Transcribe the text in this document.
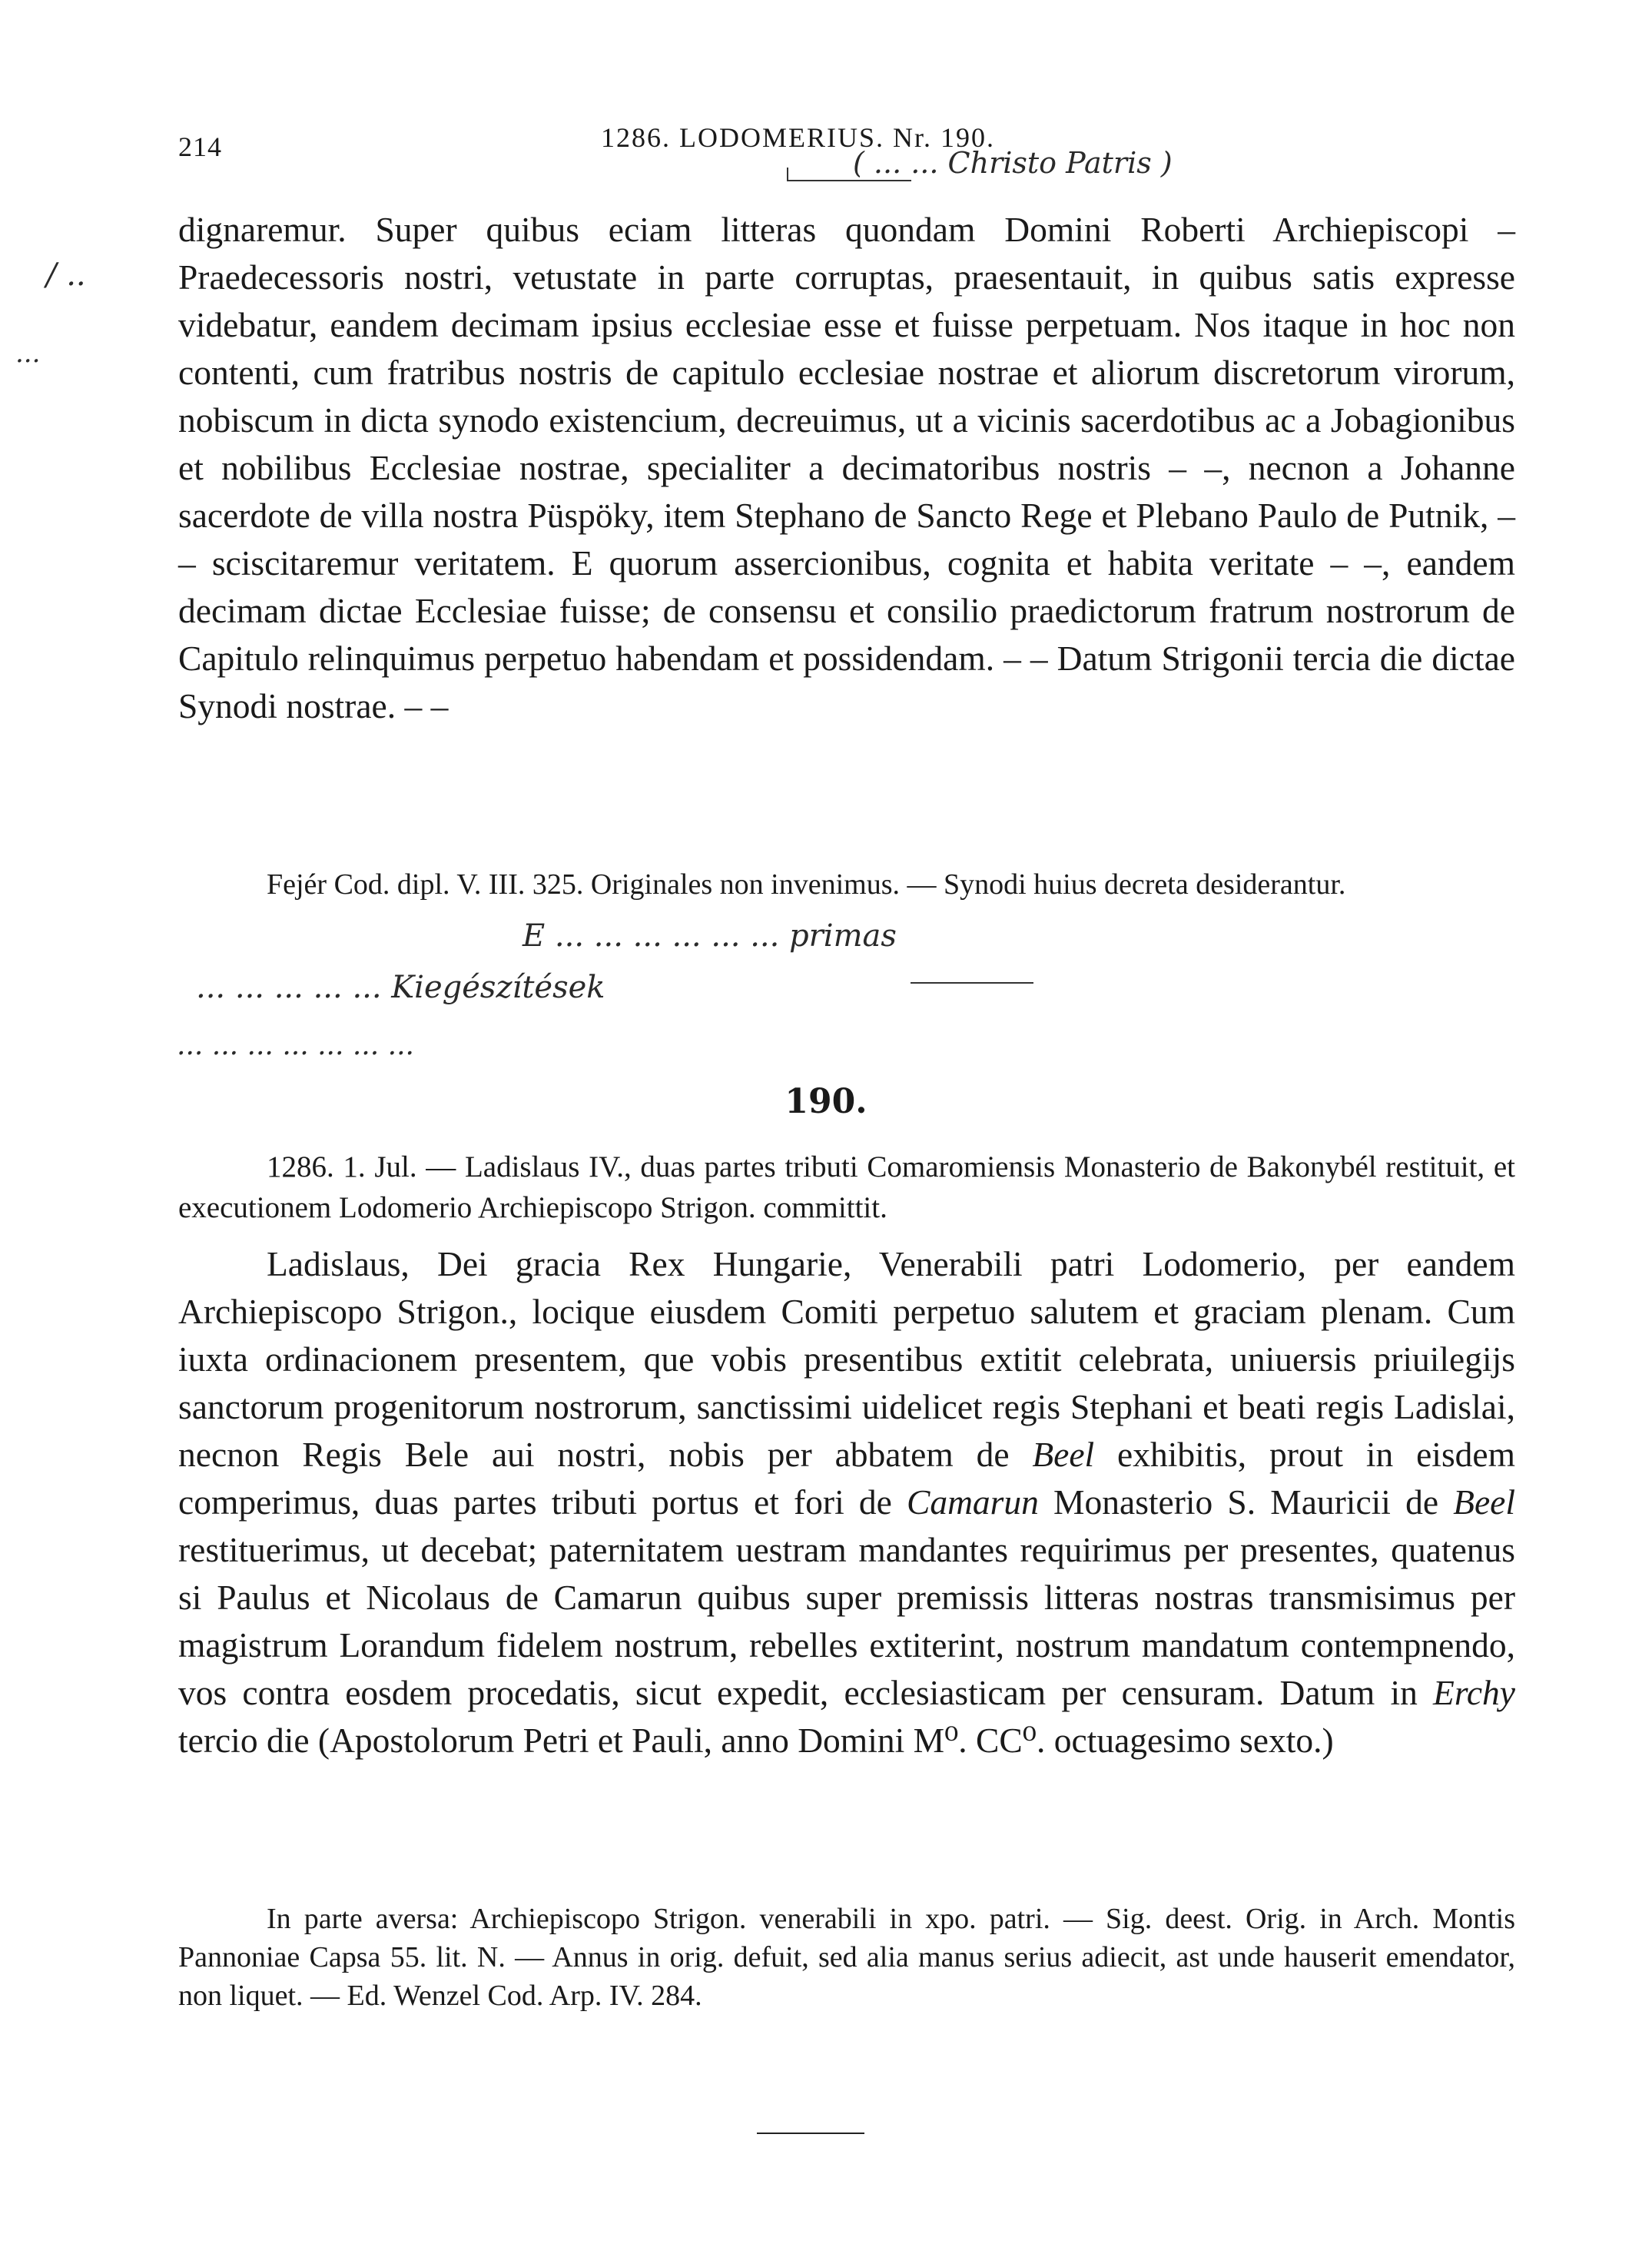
214	1286. LODOMERIUS. Nr. 190.
( ... ... Christo Patris )
/ ..
...

dignaremur. Super quibus eciam litteras quondam Domini Roberti Archiepiscopi – Praedecessoris nostri, vetustate in parte corruptas, praesentauit, in quibus satis expresse videbatur, eandem decimam ipsius ecclesiae esse et fuisse perpetuam. Nos itaque in hoc non contenti, cum fratribus nostris de capitulo ecclesiae nostrae et aliorum discretorum virorum, nobiscum in dicta synodo existencium, decreuimus, ut a vicinis sacerdotibus ac a Jobagionibus et nobilibus Ecclesiae nostrae, specialiter a decimatoribus nostris – –, necnon a Johanne sacerdote de villa nostra Püspöky, item Stephano de Sancto Rege et Plebano Paulo de Putnik, – – sciscitaremur veritatem. E quorum assercionibus, cognita et habita veritate – –, eandem decimam dictae Ecclesiae fuisse; de consensu et consilio praedictorum fratrum nostrorum de Capitulo relinquimus perpetuo habendam et possidendam. – – Datum Strigonii tercia die dictae Synodi nostrae. – –

Fejér Cod. dipl. V. III. 325. Originales non invenimus. — Synodi huius decreta desiderantur.

E ... ... ... ... ... ... primas
... ... ... ... ... Kiegészítések
... ... ... ... ... ... ...
190.

1286. 1. Jul. — Ladislaus IV., duas partes tributi Comaromiensis Monasterio de Bakonybél restituit, et executionem Lodomerio Archiepiscopo Strigon. committit.

Ladislaus, Dei gracia Rex Hungarie, Venerabili patri Lodomerio, per eandem Archiepiscopo Strigon., locique eiusdem Comiti perpetuo salutem et graciam plenam. Cum iuxta ordinacionem presentem, que vobis presentibus extitit celebrata, uniuersis priuilegijs sanctorum progenitorum nostrorum, sanctissimi uidelicet regis Stephani et beati regis Ladislai, necnon Regis Bele aui nostri, nobis per abbatem de Beel exhibitis, prout in eisdem comperimus, duas partes tributi portus et fori de Camarun Monasterio S. Mauricii de Beel restituerimus, ut decebat; paternitatem uestram mandantes requirimus per presentes, quatenus si Paulus et Nicolaus de Camarun quibus super premissis litteras nostras transmisimus per magistrum Lorandum fidelem nostrum, rebelles extiterint, nostrum mandatum contempnendo, vos contra eosdem procedatis, sicut expedit, ecclesiasticam per censuram. Datum in Erchy tercio die (Apostolorum Petri et Pauli, anno Domini M⁰. CC⁰. octuagesimo sexto.)

In parte aversa: Archiepiscopo Strigon. venerabili in xpo. patri. — Sig. deest. Orig. in Arch. Montis Pannoniae Capsa 55. lit. N. — Annus in orig. defuit, sed alia manus serius adiecit, ast unde hauserit emendator, non liquet. — Ed. Wenzel Cod. Arp. IV. 284.
